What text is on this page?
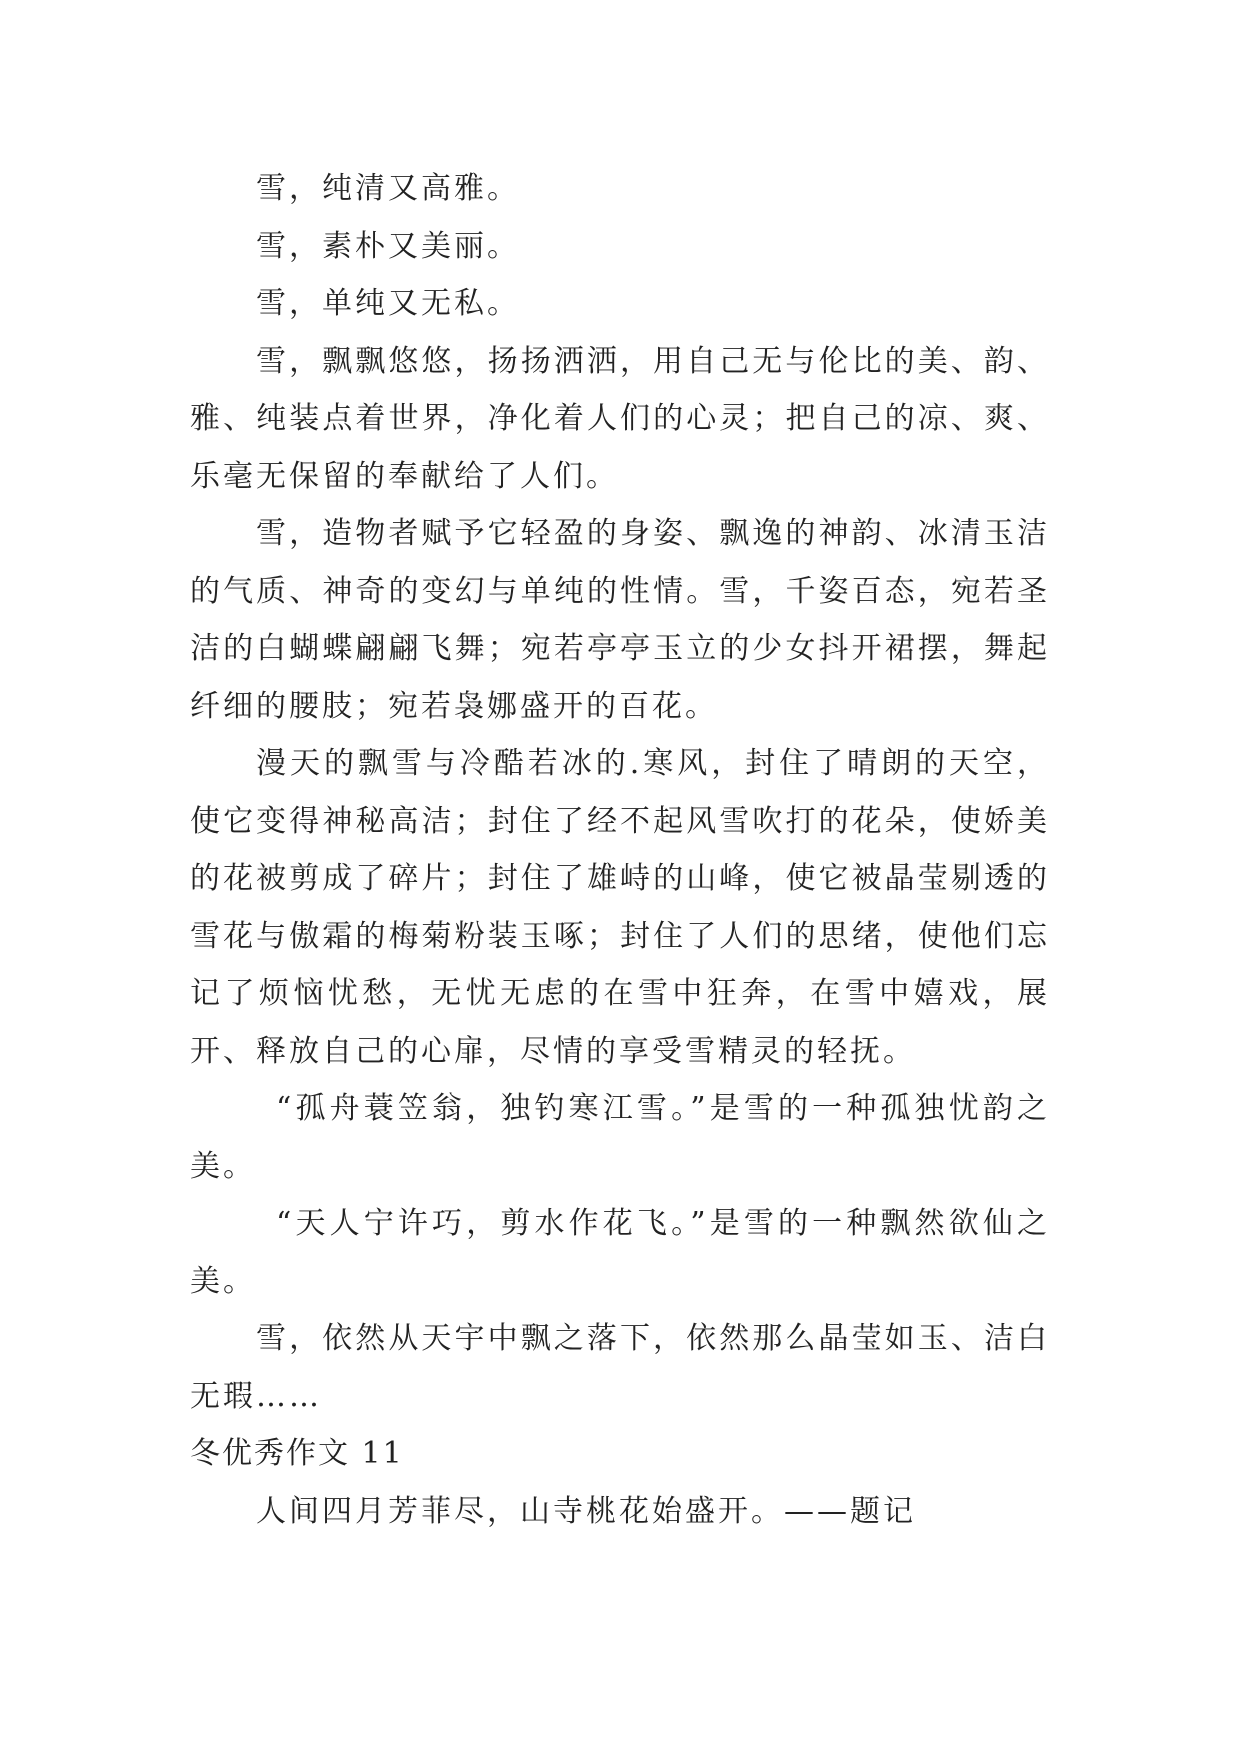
雪，纯清又高雅。

雪，素朴又美丽。

雪，单纯又无私。

雪，飘飘悠悠，扬扬洒洒，用自己无与伦比的美、韵、雅、纯装点着世界，净化着人们的心灵；把自己的凉、爽、乐毫无保留的奉献给了人们。

雪，造物者赋予它轻盈的身姿、飘逸的神韵、冰清玉洁的气质、神奇的变幻与单纯的性情。雪，千姿百态，宛若圣洁的白蝴蝶翩翩飞舞；宛若亭亭玉立的少女抖开裙摆，舞起纤细的腰肢；宛若袅娜盛开的百花。

漫天的飘雪与冷酷若冰的.寒风，封住了晴朗的天空，使它变得神秘高洁；封住了经不起风雪吹打的花朵，使娇美的花被剪成了碎片；封住了雄峙的山峰，使它被晶莹剔透的雪花与傲霜的梅菊粉装玉啄；封住了人们的思绪，使他们忘记了烦恼忧愁，无忧无虑的在雪中狂奔，在雪中嬉戏，展开、释放自己的心扉，尽情的享受雪精灵的轻抚。

“孤舟蓑笠翁，独钓寒江雪。”是雪的一种孤独忧韵之美。

“天人宁许巧，剪水作花飞。”是雪的一种飘然欲仙之美。

雪，依然从天宇中飘之落下，依然那么晶莹如玉、洁白无瑕……

冬优秀作文 11

人间四月芳菲尽，山寺桃花始盛开。——题记
